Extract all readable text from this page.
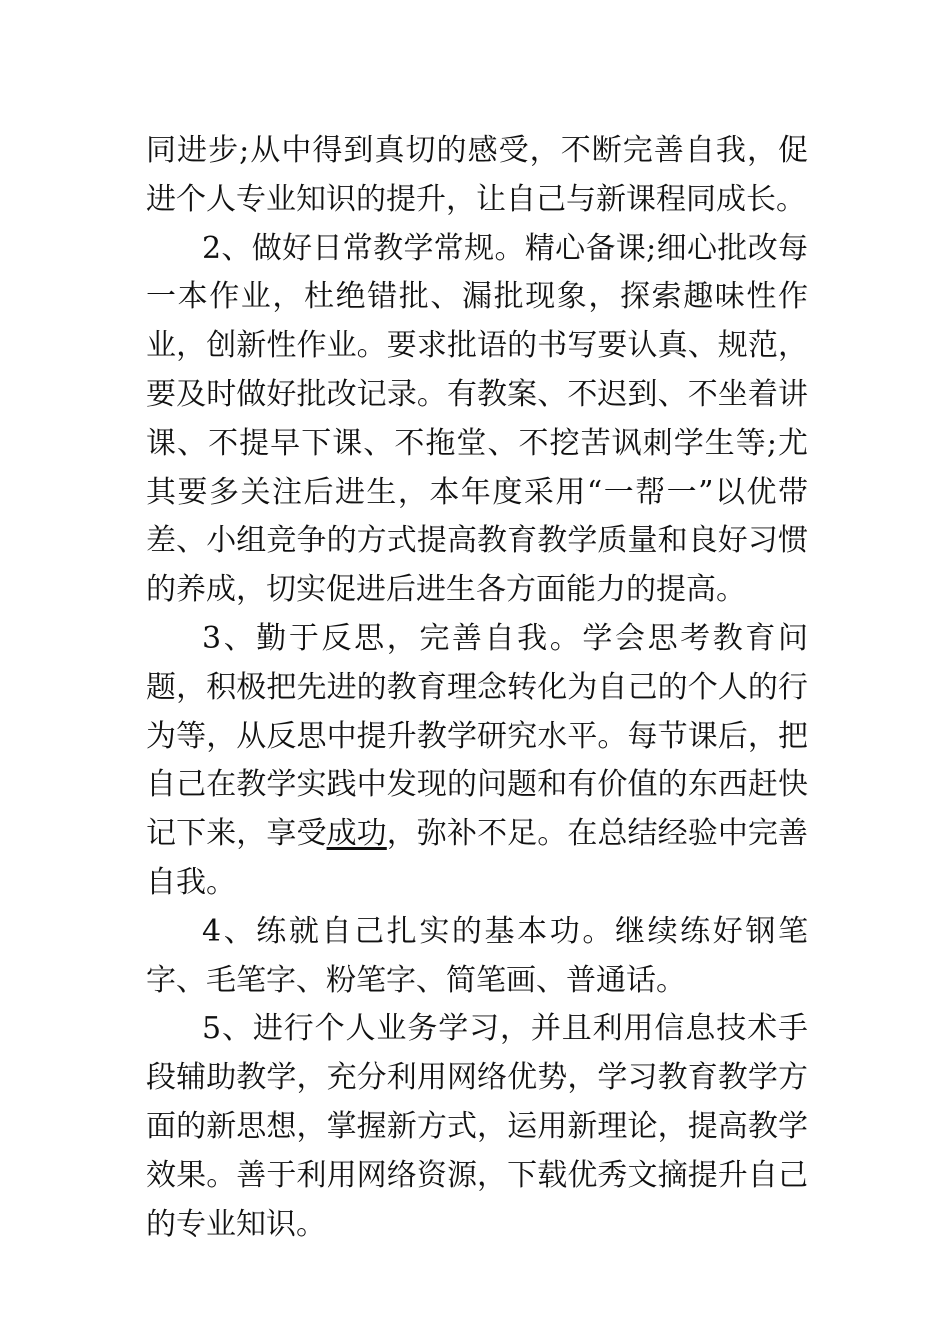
同进步;从中得到真切的感受，不断完善自我，促进个人专业知识的提升，让自己与新课程同成长。

2、做好日常教学常规。精心备课;细心批改每一本作业，杜绝错批、漏批现象，探索趣味性作业，创新性作业。要求批语的书写要认真、规范，要及时做好批改记录。有教案、不迟到、不坐着讲课、不提早下课、不拖堂、不挖苦讽刺学生等;尤其要多关注后进生，本年度采用“一帮一”以优带差、小组竞争的方式提高教育教学质量和良好习惯的养成，切实促进后进生各方面能力的提高。

3、勤于反思，完善自我。学会思考教育问题，积极把先进的教育理念转化为自己的个人的行为等，从反思中提升教学研究水平。每节课后，把自己在教学实践中发现的问题和有价值的东西赶快记下来，享受成功，弥补不足。在总结经验中完善自我。

4、练就自己扎实的基本功。继续练好钢笔字、毛笔字、粉笔字、简笔画、普通话。

5、进行个人业务学习，并且利用信息技术手段辅助教学，充分利用网络优势，学习教育教学方面的新思想，掌握新方式，运用新理论，提高教学效果。善于利用网络资源，下载优秀文摘提升自己的专业知识。
